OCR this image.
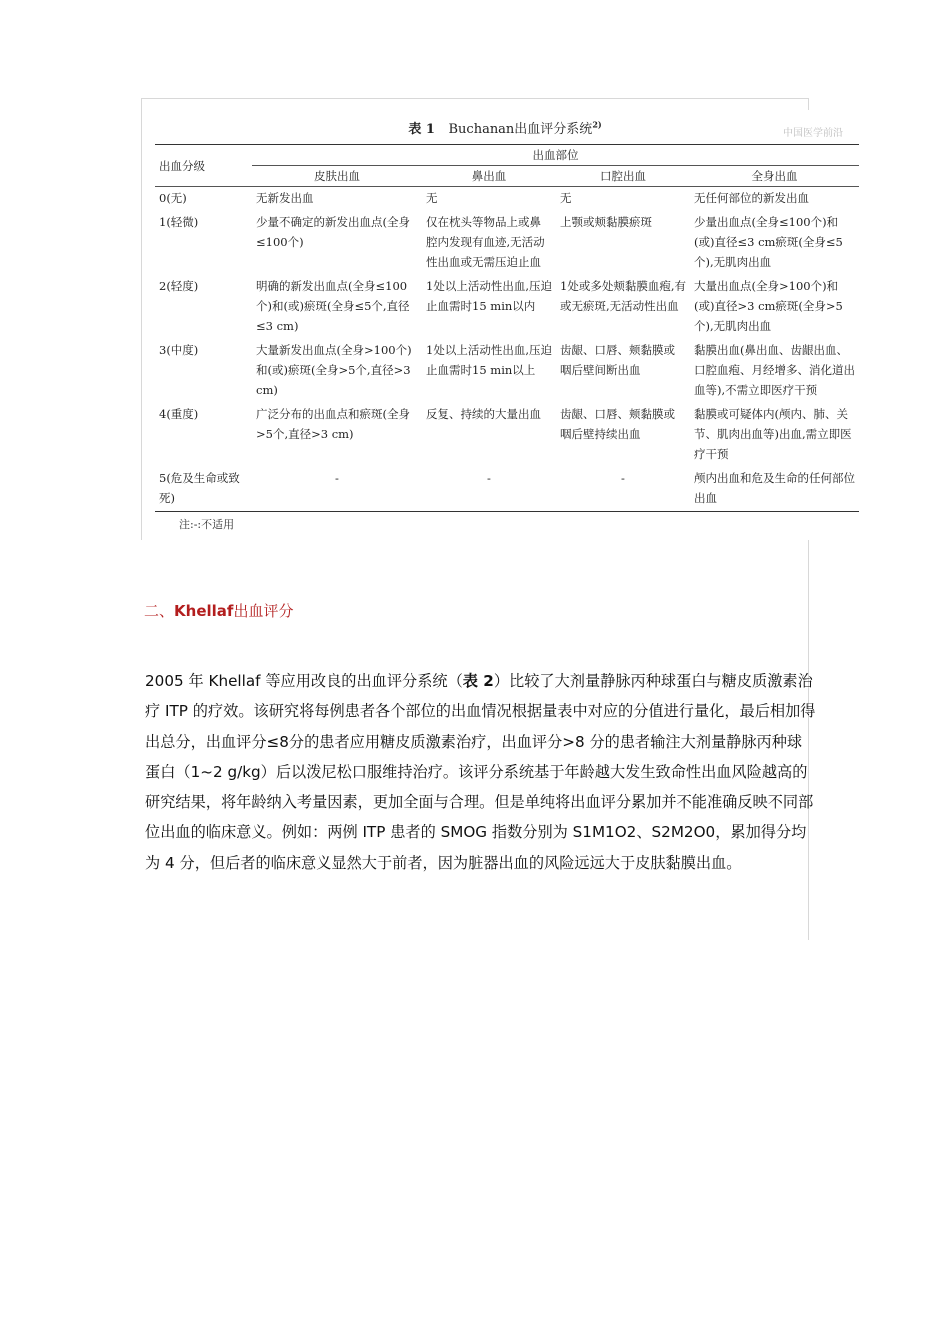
表 1 Buchanan出血评分系统$^{2)}$
中国医学前沿
出血分级	出血部位			
	皮肤出血	鼻出血	口腔出血	全身出血
0(无)	无新发出血	无	无	无任何部位的新发出血
1(轻微)	少量不确定的新发出血点(全身≤100个)	仅在枕头等物品上或鼻腔内发现有血迹,无活动性出血或无需压迫止血	上颚或颊黏膜瘀斑	少量出血点(全身≤100个)和(或)直径≤3 cm瘀斑(全身≤5个),无肌肉出血
2(轻度)	明确的新发出血点(全身≤100个)和(或)瘀斑(全身≤5个,直径≤3 cm)	1处以上活动性出血,压迫止血需时15 min以内	1处或多处颊黏膜血疱,有或无瘀斑,无活动性出血	大量出血点(全身>100个)和(或)直径>3 cm瘀斑(全身>5个),无肌肉出血
3(中度)	大量新发出血点(全身>100个)和(或)瘀斑(全身>5个,直径>3 cm)	1处以上活动性出血,压迫止血需时15 min以上	齿龈、口唇、颊黏膜或咽后壁间断出血	黏膜出血(鼻出血、齿龈出血、口腔血疱、月经增多、消化道出血等),不需立即医疗干预
4(重度)	广泛分布的出血点和瘀斑(全身>5个,直径>3 cm)	反复、持续的大量出血	齿龈、口唇、颊黏膜或咽后壁持续出血	黏膜或可疑体内(颅内、肺、关节、肌肉出血等)出血,需立即医疗干预
5(危及生命或致死)	-	-	-	颅内出血和危及生命的任何部位出血
注:-:不适用
二、Khellaf出血评分
2005 年 Khellaf 等应用改良的出血评分系统（表 2）比较了大剂量静脉丙种球蛋白与糖皮质激素治疗 ITP 的疗效。该研究将每例患者各个部位的出血情况根据量表中对应的分值进行量化，最后相加得出总分，出血评分≤8分的患者应用糖皮质激素治疗，出血评分>8 分的患者输注大剂量静脉丙种球蛋白（1~2 g/kg）后以泼尼松口服维持治疗。该评分系统基于年龄越大发生致命性出血风险越高的研究结果，将年龄纳入考量因素，更加全面与合理。但是单纯将出血评分累加并不能准确反映不同部位出血的临床意义。例如：两例 ITP 患者的 SMOG 指数分别为 S1M1O2、S2M2O0，累加得分均为 4 分，但后者的临床意义显然大于前者，因为脏器出血的风险远远大于皮肤黏膜出血。
